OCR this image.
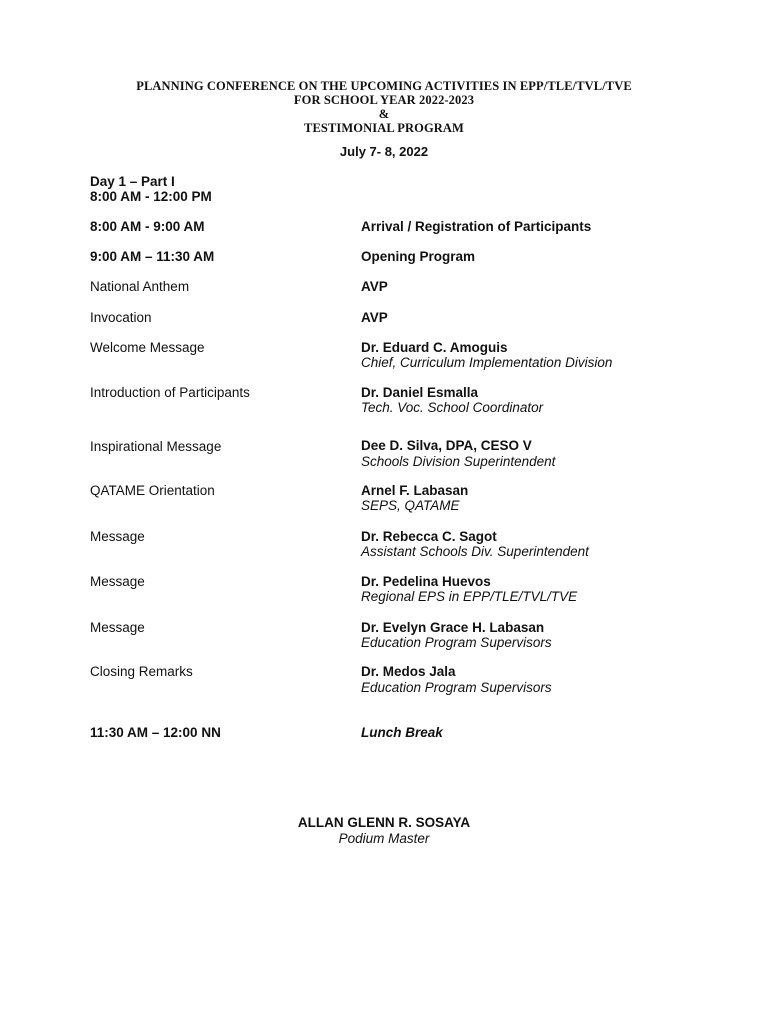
PLANNING CONFERENCE ON THE UPCOMING ACTIVITIES IN EPP/TLE/TVL/TVE
FOR SCHOOL YEAR 2022-2023
&
TESTIMONIAL PROGRAM
July 7- 8, 2022
Day 1 – Part I
8:00 AM - 12:00 PM
8:00 AM - 9:00 AM	Arrival / Registration of Participants
9:00 AM – 11:30 AM	Opening Program
National Anthem	AVP
Invocation	AVP
Welcome Message	Dr. Eduard C. Amoguis
Chief, Curriculum Implementation Division
Introduction of Participants	Dr. Daniel Esmalla
Tech. Voc. School Coordinator
Inspirational Message	Dee D. Silva, DPA, CESO V
Schools Division Superintendent
QATAME Orientation	Arnel F. Labasan
SEPS, QATAME
Message	Dr. Rebecca C. Sagot
Assistant Schools Div. Superintendent
Message	Dr. Pedelina Huevos
Regional EPS in EPP/TLE/TVL/TVE
Message	Dr. Evelyn Grace H. Labasan
Education Program Supervisors
Closing Remarks	Dr. Medos Jala
Education Program Supervisors
11:30 AM – 12:00 NN	Lunch Break
ALLAN GLENN R. SOSAYA
Podium Master
